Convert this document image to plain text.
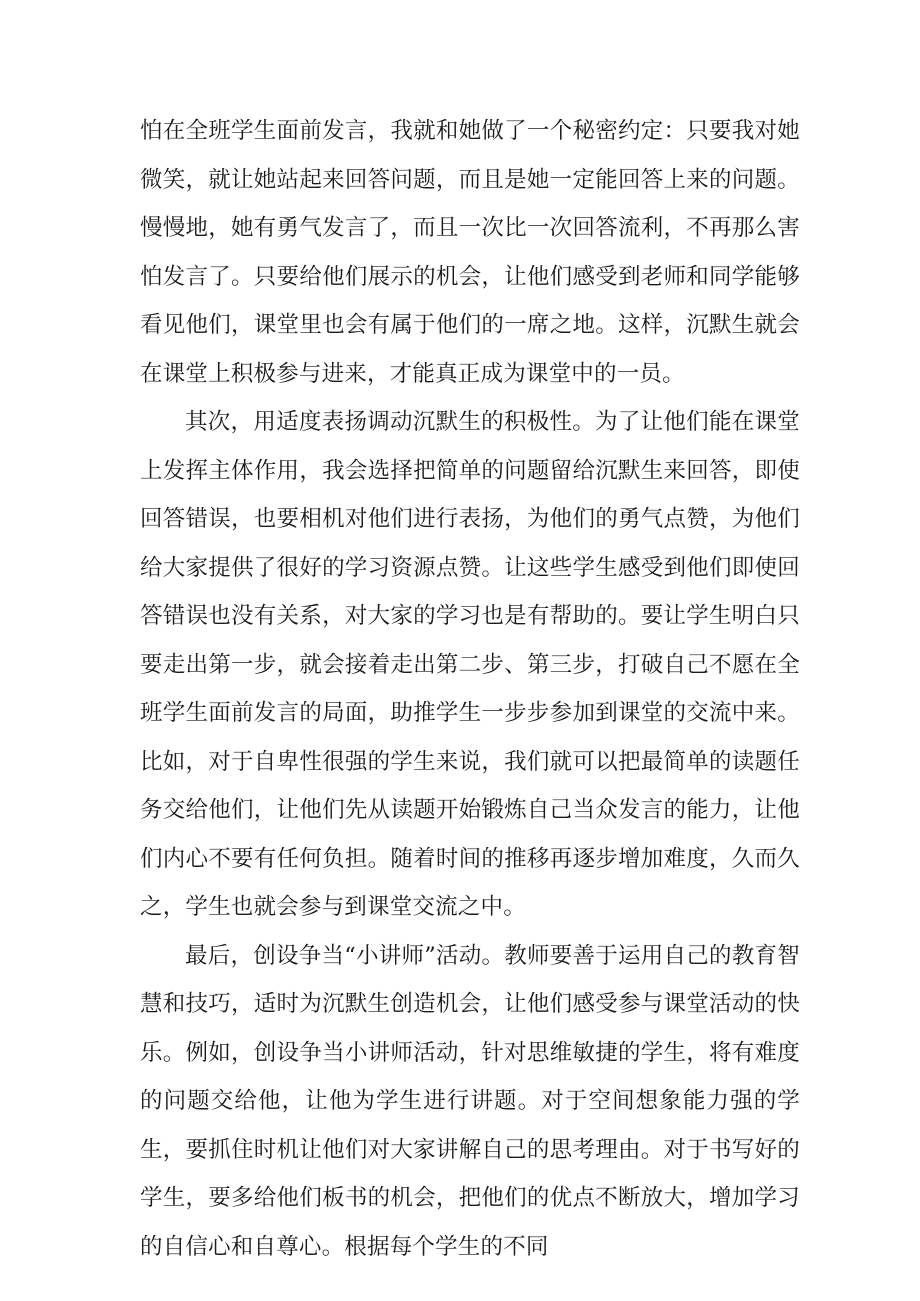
怕在全班学生面前发言，我就和她做了一个秘密约定：只要我对她微笑，就让她站起来回答问题，而且是她一定能回答上来的问题。慢慢地，她有勇气发言了，而且一次比一次回答流利，不再那么害怕发言了。只要给他们展示的机会，让他们感受到老师和同学能够看见他们，课堂里也会有属于他们的一席之地。这样，沉默生就会在课堂上积极参与进来，才能真正成为课堂中的一员。

其次，用适度表扬调动沉默生的积极性。为了让他们能在课堂上发挥主体作用，我会选择把简单的问题留给沉默生来回答，即使回答错误，也要相机对他们进行表扬，为他们的勇气点赞，为他们给大家提供了很好的学习资源点赞。让这些学生感受到他们即使回答错误也没有关系，对大家的学习也是有帮助的。要让学生明白只要走出第一步，就会接着走出第二步、第三步，打破自己不愿在全班学生面前发言的局面，助推学生一步步参加到课堂的交流中来。比如，对于自卑性很强的学生来说，我们就可以把最简单的读题任务交给他们，让他们先从读题开始锻炼自己当众发言的能力，让他们内心不要有任何负担。随着时间的推移再逐步增加难度，久而久之，学生也就会参与到课堂交流之中。

最后，创设争当“小讲师”活动。教师要善于运用自己的教育智慧和技巧，适时为沉默生创造机会，让他们感受参与课堂活动的快乐。例如，创设争当小讲师活动，针对思维敏捷的学生，将有难度的问题交给他，让他为学生进行讲题。对于空间想象能力强的学生，要抓住时机让他们对大家讲解自己的思考理由。对于书写好的学生，要多给他们板书的机会，把他们的优点不断放大，增加学习的自信心和自尊心。根据每个学生的不同
